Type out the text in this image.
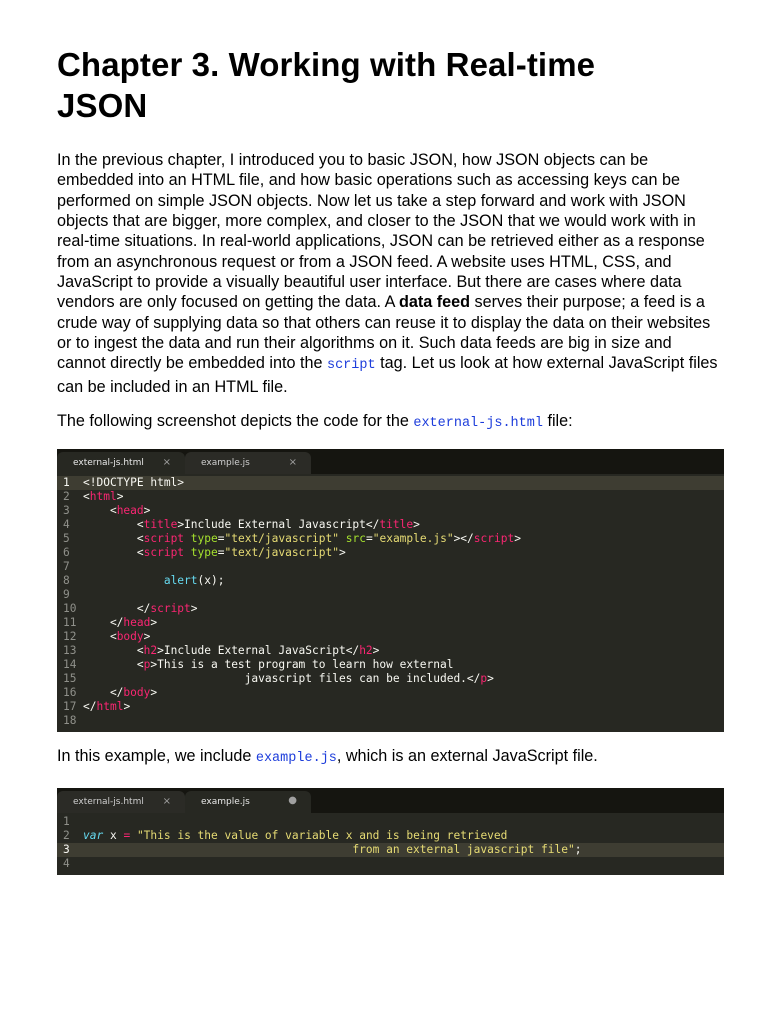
Chapter 3. Working with Real-time
JSON

In the previous chapter, I introduced you to basic JSON, how JSON objects can be embedded into an HTML file, and how basic operations such as accessing keys can be performed on simple JSON objects. Now let us take a step forward and work with JSON objects that are bigger, more complex, and closer to the JSON that we would work with in real-time situations. In real-world applications, JSON can be retrieved either as a response from an asynchronous request or from a JSON feed. A website uses HTML, CSS, and JavaScript to provide a visually beautiful user interface. But there are cases where data vendors are only focused on getting the data. A data feed serves their purpose; a feed is a crude way of supplying data so that others can reuse it to display the data on their websites or to ingest the data and run their algorithms on it. Such data feeds are big in size and cannot directly be embedded into the script tag. Let us look at how external JavaScript files can be included in an HTML file.

The following screenshot depicts the code for the external-js.html file:

external-js.html ×	example.js	×
1 <!DOCTYPE html>
2 <html>
3    <head>
4        <title>Include External Javascript</title>
5        <script type="text/javascript" src="example.js"></script>
6        <script type="text/javascript">
7
8	alert(x);
9
10        </script>
11    </head>
12    <body>
13        <h2>Include External JavaScript</h2>
14        <p>This is a test program to learn how external
15                        javascript files can be included.</p>
16    </body>
17 </html>
18

In this example, we include example.js, which is an external JavaScript file.

external-js.html ×	example.js	●
1
2 var x = "This is the value of variable x and is being retrieved
3                                        from an external javascript file";
4
